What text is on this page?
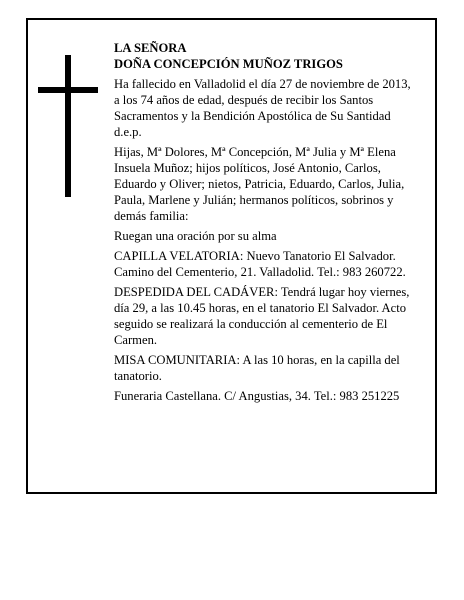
LA SEÑORA

DOÑA CONCEPCIÓN MUÑOZ TRIGOS

Ha fallecido en Valladolid el día 27 de noviembre de 2013, a los 74 años de edad, después de recibir los Santos Sacramentos y la Bendición Apostólica de Su Santidad

d.e.p.

Hijas, Mª Dolores, Mª Concepción, Mª Julia y Mª Elena Insuela Muñoz; hijos políticos, José Antonio, Carlos, Eduardo y Oliver; nietos, Patricia, Eduardo, Carlos, Julia, Paula, Marlene y Julián; hermanos políticos, sobrinos y demás familia:

Ruegan una oración por su alma

CAPILLA VELATORIA: Nuevo Tanatorio El Salvador. Camino del Cementerio, 21. Valladolid. Tel.: 983 260722.

DESPEDIDA DEL CADÁVER: Tendrá lugar hoy viernes, día 29, a las 10.45 horas, en el tanatorio El Salvador. Acto seguido se realizará la conducción al cementerio de El Carmen.

MISA COMUNITARIA: A las 10 horas, en la capilla del tanatorio.

Funeraria Castellana. C/ Angustias, 34. Tel.: 983 251225
